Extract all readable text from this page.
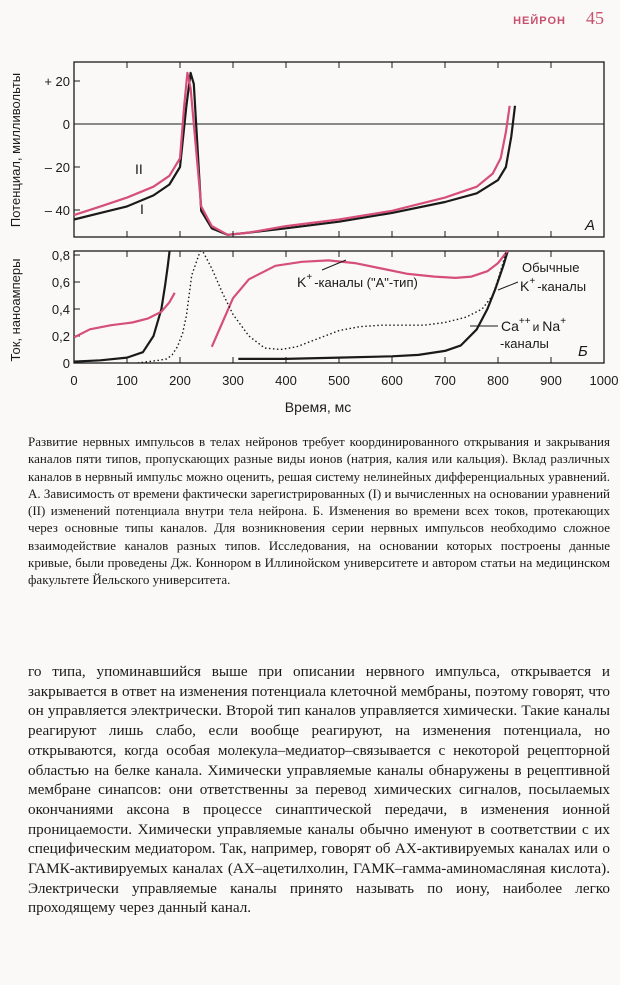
НЕЙРОН 45
+ 20
0
– 20
– 40
Потенциал, милливольты	А
II
I
0,8
0,6
0,4
0,2
0
Ток, наноамперы	Б
K+ -каналы ("А"-тип)
Обычные
K+ -каналы
Ca++ и Na+
-каналы
0	100 200 300 400 500 600 700 800 900 1000
Время, мс

Развитие нервных импульсов в телах нейронов требует координированного открывания и закрывания каналов пяти типов, пропускающих разные виды ионов (натрия, калия или кальция). Вклад различных каналов в нервный импульс можно оценить, решая систему нелинейных дифференциальных уравнений. А. Зависимость от времени фактически зарегистрированных (I) и вычисленных на основании уравнений (II) изменений потенциала внутри тела нейрона. Б. Изменения во времени всех токов, протекающих через основные типы каналов. Для возникновения серии нервных импульсов необходимо сложное взаимодействие каналов разных типов. Исследования, на основании которых построены данные кривые, были проведены Дж. Коннором в Иллинойском университете и автором статьи на медицинском факультете Йельского университета.

го типа, упоминавшийся выше при описании нервного импульса, открывается и закрывается в ответ на изменения потенциала клеточной мембраны, поэтому говорят, что он управляется электрически. Второй тип каналов управляется химически. Такие каналы реагируют лишь слабо, если вообще реагируют, на изменения потенциала, но открываются, когда особая молекула–медиатор–связывается с некоторой рецепторной областью на белке канала. Химически управляемые каналы обнаружены в рецептивной мембране синапсов: они ответственны за перевод химических сигналов, посылаемых окончаниями аксона в процессе синаптической передачи, в изменения ионной проницаемости. Химически управляемые каналы обычно именуют в соответствии с их специфическим медиатором. Так, например, говорят об АХ-активируемых каналах или о ГАМК-активируемых каналах (АХ–ацетилхолин, ГАМК–гамма-аминомасляная кислота). Электрически управляемые каналы принято называть по иону, наиболее легко проходящему через данный канал.
